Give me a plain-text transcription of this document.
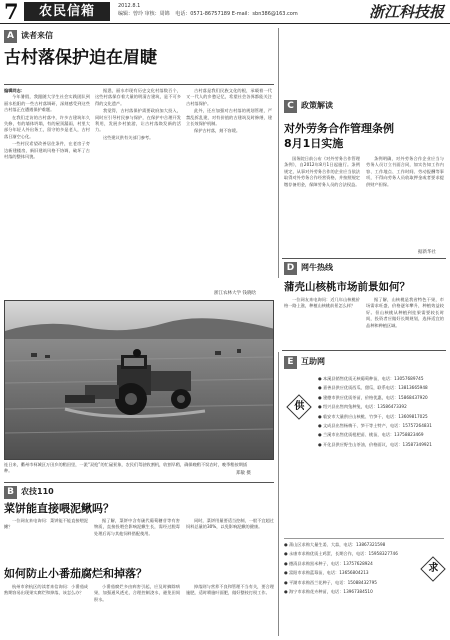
7	农民信箱	2012.8.1
编辑：曾玲 审核：周锦 电话：0571-86757189 E-mail：sbn386@163.com	浙江科技报
A 读者来信
古村落保护迫在眉睫
编辑同志：

今年暑假，我跟随大学生社会实践团队到丽水松阳的一些古村落调研，深刻感受到这些古村落正在遭遇保护难题。

在我们走访的古村落中，许多古建筑年久失修，有的墙体坍塌，有的屋顶漏雨，村里大部分年轻人外出务工，留守的多是老人，古村落日渐空心化。

一些村民希望改善居住条件，在老房子旁边新建楼房，新旧建筑风格不协调，破坏了古村落的整体风貌。

据悉，丽水市现有历史文化村落数百个，这些村落保存着大量的明清古建筑，是不可多得的文化遗产。

我觉得，古村落保护需要政府加大投入，同时应引导村民参与保护，在保护中合理开发利用，发展乡村旅游，让古村落焕发新的活力。

这些建议供有关部门参考。

古村落是我们民族文化的根，承载着一代又一代人的乡愁记忆，希望社会各界都能关注古村落保护。

此外，还应加强对古村落的规划管理，严禁乱拆乱建，对有价值的古建筑及时修缮，建立长效保护机制。

保护古村落，刻不容缓。

浙江农林大学 钱晓晗
C 政策解读
对外劳务合作管理条例
8月1日实施

国务院日前公布《对外劳务合作管理条例》，自2012年8月1日起施行。条例规定，从事对外劳务合作的企业应当依法取得对外劳务合作经营资格，并按照规定缴存备用金，保障劳务人员的合法权益。

条例明确，对外劳务合作企业应当与劳务人员订立书面合同，如实告知工作内容、工作地点、工作时间、劳动报酬等事项，不得向劳务人员收取押金或者要求提供财产担保。

据新华社
D 网牛热线
蒲壳山核桃市场前景如何？

一位网友来电询问：近几年山核桃价格一路上涨，种植山核桃前景怎么样？

据了解，山核桃是我省特色干果，市场需求旺盛，价格逐年攀升，种植效益较好。但山核桃从种植到挂果需要较长时间，投资者应做好长期规划，选择适宜的品种和种植区域。

连日来，衢州市柯城区万田乡的稻田里，一派“双抢”的忙碌景象，农民们驾驶收割机，收割早稻，确保晚稻不误农时，晚季稻按期插种。
郑敏 摄
B 农技110
菜饼能直接喂泥鳅吗？

一位网友来电询问：菜饼能不能直接喂泥鳅？

据了解，菜饼中含有硫代葡萄糖苷等有害物质，直接投喂会影响泥鳅生长，需经过脱毒处理后再与其他饲料搭配使用。

同时，菜饼用量要适当控制，一般不宜超过饲料总量的30%，以免影响泥鳅的健康。

如何防止小番茄腐烂和掉落？

杭州市余杭区的读者来信询问：小番茄成熟期容易出现果实腐烂和掉落，该怎么办？

小番茄腐烂多由病害引起，应及时摘除病果，加强通风透光，合理控制浇水，避免田间积水。

掉落则与营养不良和管理不当有关，要合理施肥，适时喷施叶面肥，做好整枝打杈工作。

E 互助网
供
● 本溪县销售优质无核葡萄种苗，电话：13057689745
● 嘉善县供应优质西瓜、甜瓜，联系电话：13813665948
● 建德市供应优质茶苗，价格优惠，电话：15868437920
● 绍兴县出售肉兔种兔，电话：13586473392
● 临安市大量供应山核桃、竹笋干，电话：13609817025
● 文成县出售杨梅干、笋干等土特产，电话：15757264831
● 兰溪市出售优质枇杷苗、桃苗，电话：13758823469
● 开化县供应野生山茶油，价格面议，电话：13587349921
● 萧山区求购大量生姜、大蒜，电话：13867321598
● 永康市求购优质土鸡蛋，长期合作，电话：15958327746
● 德清县求购黑米种子，电话：13757628924
● 富阳市求购蓝莓苗，电话：13656804213
● 平湖市求购西兰花种子，电话：15088432795
● 海宁市求购花卉种苗，电话：13967384510
求
